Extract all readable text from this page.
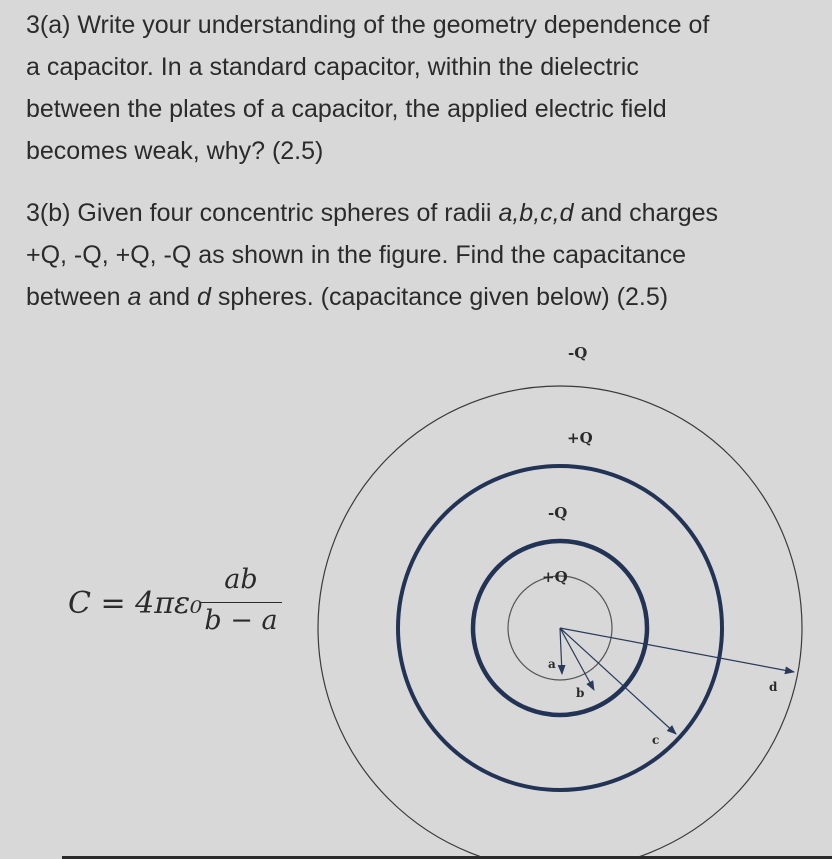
3(a) Write your understanding of the geometry dependence of
a capacitor. In a standard capacitor, within the dielectric
between the plates of a capacitor, the applied electric field
becomes weak, why? (2.5)
3(b) Given four concentric spheres of radii a,b,c,d and charges
+Q, -Q, +Q, -Q as shown in the figure. Find the capacitance
between a and d spheres. (capacitance given below) (2.5)
C = 4πε₀
ab
b − a
-Q
+Q
-Q
+Q
a
b
c
d
